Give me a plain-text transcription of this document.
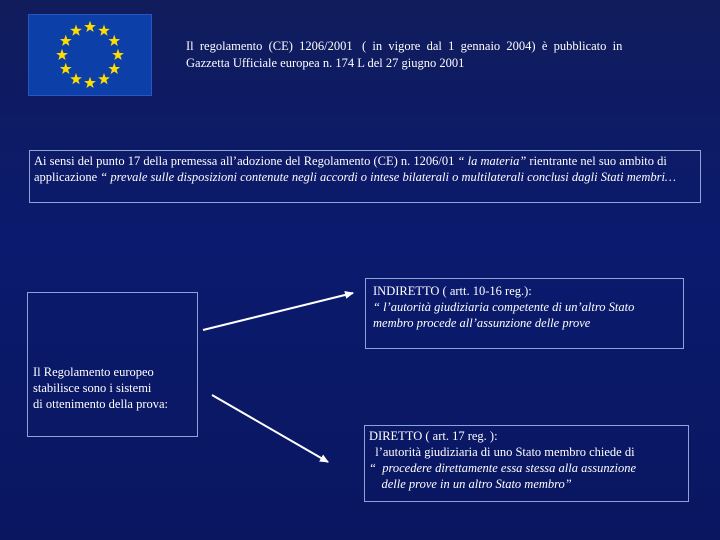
Il  regolamento  (CE)  1206/2001   (  in  vigore  dal  1  gennaio  2004)  è  pubblicato  in
Gazzetta Ufficiale europea n. 174 L del 27 giugno 2001
Ai sensi del punto 17 della premessa all’adozione del Regolamento (CE) n. 1206/01 “ la materia” rientrante nel suo ambito di applicazione “ prevale sulle disposizioni contenute negli accordi o intese bilaterali o multilaterali conclusi dagli Stati membri…
Il Regolamento europeo
stabilisce sono i sistemi
di ottenimento della prova:
INDIRETTO ( artt. 10-16 reg.):
“ l’autorità giudiziaria competente di un’altro Stato
membro procede all’assunzione delle prove
DIRETTO ( art. 17 reg. ):
l’autorità giudiziaria di uno Stato membro chiede di
“  procedere direttamente essa stessa alla assunzione
delle prove in un altro Stato membro”
